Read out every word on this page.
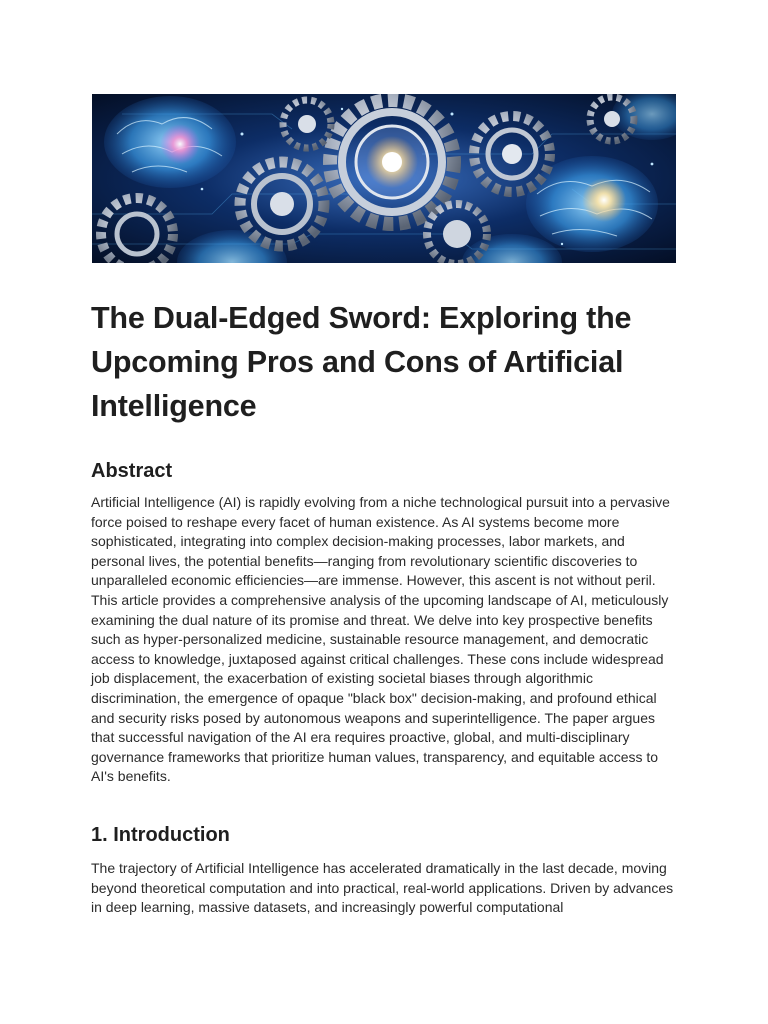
The Dual-Edged Sword: Exploring the Upcoming Pros and Cons of Artificial Intelligence
Abstract

Artificial Intelligence (AI) is rapidly evolving from a niche technological pursuit into a pervasive force poised to reshape every facet of human existence. As AI systems become more sophisticated, integrating into complex decision-making processes, labor markets, and personal lives, the potential benefits—ranging from revolutionary scientific discoveries to unparalleled economic efficiencies—are immense. However, this ascent is not without peril. This article provides a comprehensive analysis of the upcoming landscape of AI, meticulously examining the dual nature of its promise and threat. We delve into key prospective benefits such as hyper-personalized medicine, sustainable resource management, and democratic access to knowledge, juxtaposed against critical challenges. These cons include widespread job displacement, the exacerbation of existing societal biases through algorithmic discrimination, the emergence of opaque "black box" decision-making, and profound ethical and security risks posed by autonomous weapons and superintelligence. The paper argues that successful navigation of the AI era requires proactive, global, and multi-disciplinary governance frameworks that prioritize human values, transparency, and equitable access to AI's benefits.

1. Introduction

The trajectory of Artificial Intelligence has accelerated dramatically in the last decade, moving beyond theoretical computation and into practical, real-world applications. Driven by advances in deep learning, massive datasets, and increasingly powerful computational
